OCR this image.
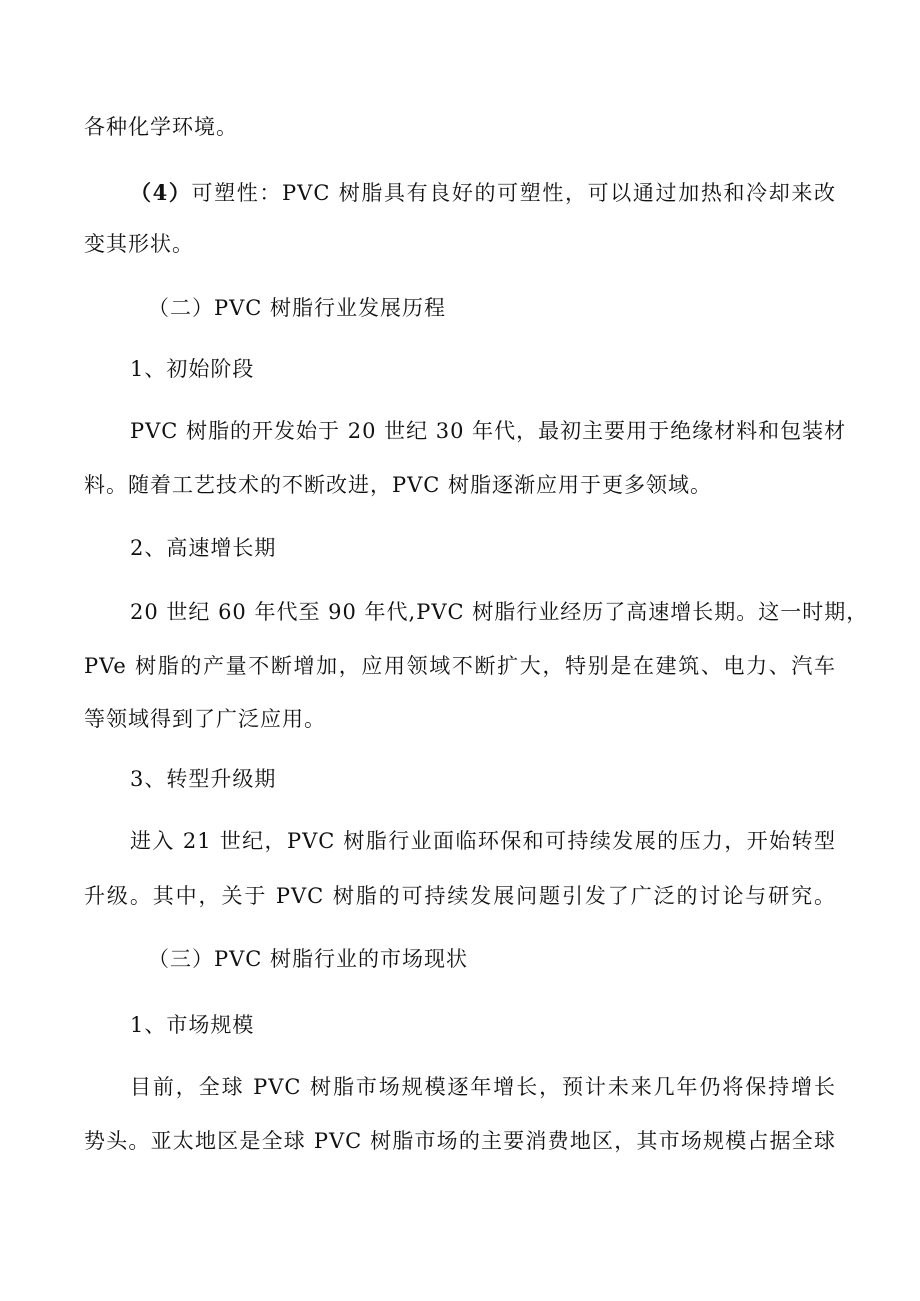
各种化学环境。
（4）可塑性：PVC 树脂具有良好的可塑性，可以通过加热和冷却来改
变其形状。
（二）PVC 树脂行业发展历程
1、初始阶段
PVC 树脂的开发始于 20 世纪 30 年代，最初主要用于绝缘材料和包装材
料。随着工艺技术的不断改进，PVC 树脂逐渐应用于更多领域。
2、高速增长期
20 世纪 60 年代至 90 年代,PVC 树脂行业经历了高速增长期。这一时期，
PVe 树脂的产量不断增加，应用领域不断扩大，特别是在建筑、电力、汽车
等领域得到了广泛应用。
3、转型升级期
进入 21 世纪，PVC 树脂行业面临环保和可持续发展的压力，开始转型
升级。其中，关于 PVC 树脂的可持续发展问题引发了广泛的讨论与研究。
（三）PVC 树脂行业的市场现状
1、市场规模
目前，全球 PVC 树脂市场规模逐年增长，预计未来几年仍将保持增长
势头。亚太地区是全球 PVC 树脂市场的主要消费地区，其市场规模占据全球
